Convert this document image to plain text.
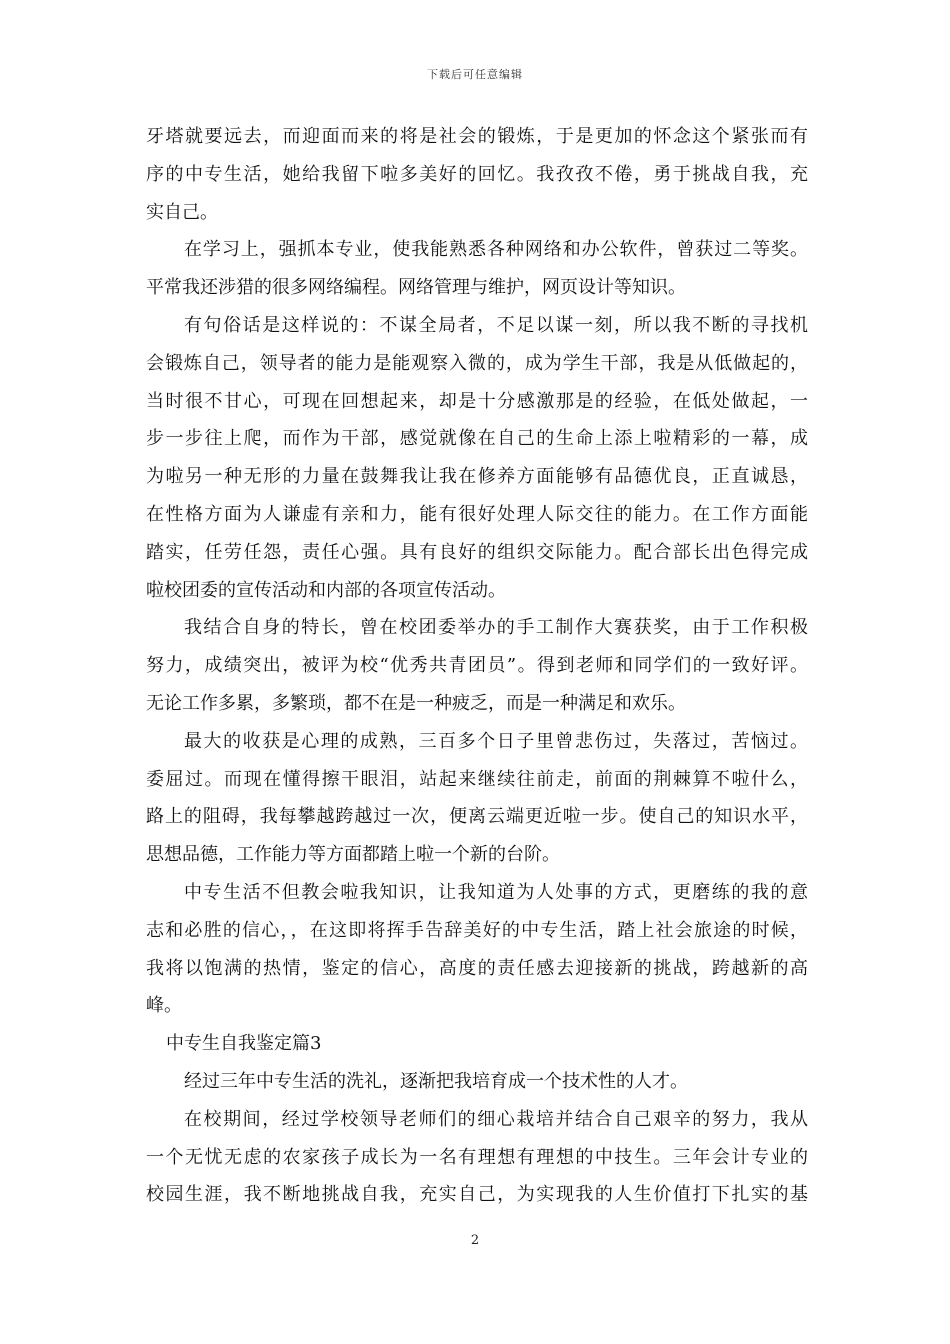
下载后可任意编辑
牙塔就要远去，而迎面而来的将是社会的锻炼，于是更加的怀念这个紧张而有
序的中专生活，她给我留下啦多美好的回忆。我孜孜不倦，勇于挑战自我，充
实自己。
在学习上，强抓本专业，使我能熟悉各种网络和办公软件，曾获过二等奖。
平常我还涉猎的很多网络编程。网络管理与维护，网页设计等知识。
有句俗话是这样说的：不谋全局者，不足以谋一刻，所以我不断的寻找机
会锻炼自己，领导者的能力是能观察入微的，成为学生干部，我是从低做起的，
当时很不甘心，可现在回想起来，却是十分感激那是的经验，在低处做起，一
步一步往上爬，而作为干部，感觉就像在自己的生命上添上啦精彩的一幕，成
为啦另一种无形的力量在鼓舞我让我在修养方面能够有品德优良，正直诚恳，
在性格方面为人谦虚有亲和力，能有很好处理人际交往的能力。在工作方面能
踏实，任劳任怨，责任心强。具有良好的组织交际能力。配合部长出色得完成
啦校团委的宣传活动和内部的各项宣传活动。
我结合自身的特长，曾在校团委举办的手工制作大赛获奖，由于工作积极
努力，成绩突出，被评为校“优秀共青团员”。得到老师和同学们的一致好评。
无论工作多累，多繁琐，都不在是一种疲乏，而是一种满足和欢乐。
最大的收获是心理的成熟，三百多个日子里曾悲伤过，失落过，苦恼过。
委屈过。而现在懂得擦干眼泪，站起来继续往前走，前面的荆棘算不啦什么，
路上的阻碍，我每攀越跨越过一次，便离云端更近啦一步。使自己的知识水平，
思想品德，工作能力等方面都踏上啦一个新的台阶。
中专生活不但教会啦我知识，让我知道为人处事的方式，更磨练的我的意
志和必胜的信心，，在这即将挥手告辞美好的中专生活，踏上社会旅途的时候，
我将以饱满的热情，鉴定的信心，高度的责任感去迎接新的挑战，跨越新的高
峰。
中专生自我鉴定篇3
经过三年中专生活的洗礼，逐渐把我培育成一个技术性的人才。
在校期间，经过学校领导老师们的细心栽培并结合自己艰辛的努力，我从
一个无忧无虑的农家孩子成长为一名有理想有理想的中技生。三年会计专业的
校园生涯，我不断地挑战自我，充实自己，为实现我的人生价值打下扎实的基
2
